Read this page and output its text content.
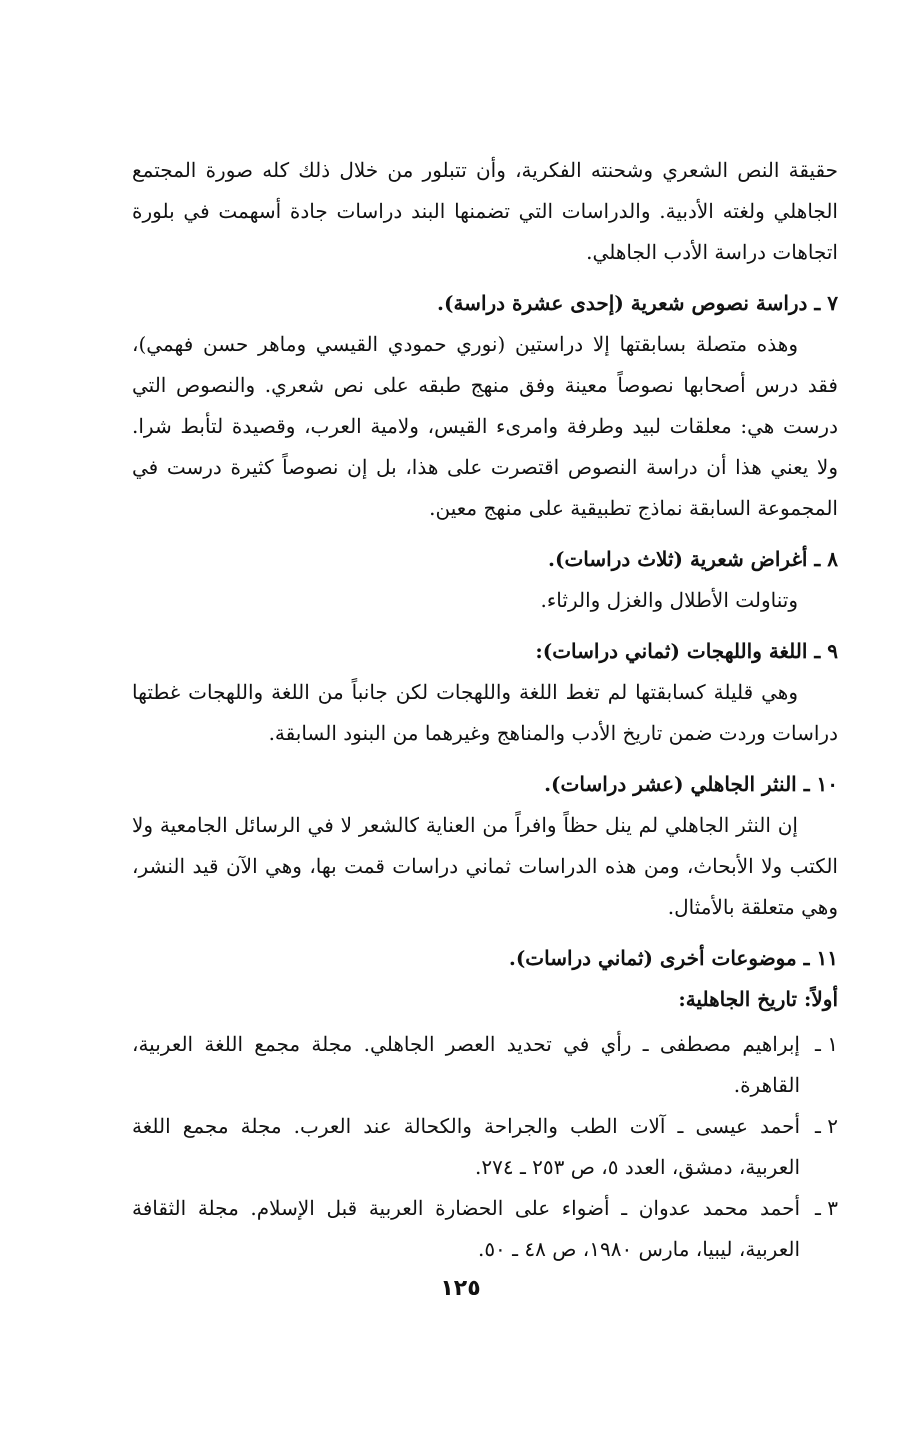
حقيقة النص الشعري وشحنته الفكرية، وأن تتبلور من خلال ذلك كله صورة المجتمع الجاهلي ولغته الأدبية. والدراسات التي تضمنها البند دراسات جادة أسهمت في بلورة اتجاهات دراسة الأدب الجاهلي.

٧ ـ دراسة نصوص شعرية (إحدى عشرة دراسة).

وهذه متصلة بسابقتها إلا دراستين (نوري حمودي القيسي وماهر حسن فهمي)، فقد درس أصحابها نصوصاً معينة وفق منهج طبقه على نص شعري. والنصوص التي درست هي: معلقات لبيد وطرفة وامرىء القيس، ولامية العرب، وقصيدة لتأبط شرا. ولا يعني هذا أن دراسة النصوص اقتصرت على هذا، بل إن نصوصاً كثيرة درست في المجموعة السابقة نماذج تطبيقية على منهج معين.

٨ ـ أغراض شعرية (ثلاث دراسات).

وتناولت الأطلال والغزل والرثاء.

٩ ـ اللغة واللهجات (ثماني دراسات):

وهي قليلة كسابقتها لم تغط اللغة واللهجات لكن جانباً من اللغة واللهجات غطتها دراسات وردت ضمن تاريخ الأدب والمناهج وغيرهما من البنود السابقة.

١٠ ـ النثر الجاهلي (عشر دراسات).

إن النثر الجاهلي لم ينل حظاً وافراً من العناية كالشعر لا في الرسائل الجامعية ولا الكتب ولا الأبحاث، ومن هذه الدراسات ثماني دراسات قمت بها، وهي الآن قيد النشر، وهي متعلقة بالأمثال.

١١ ـ موضوعات أخرى (ثماني دراسات).

أولاً: تاريخ الجاهلية:

١ ـ
إبراهيم مصطفى ـ رأي في تحديد العصر الجاهلي. مجلة مجمع اللغة العربية، القاهرة.
٢ ـ
أحمد عيسى ـ آلات الطب والجراحة والكحالة عند العرب. مجلة مجمع اللغة العربية، دمشق، العدد ٥، ص ٢٥٣ ـ ٢٧٤.
٣ ـ
أحمد محمد عدوان ـ أضواء على الحضارة العربية قبل الإسلام. مجلة الثقافة العربية، ليبيا، مارس ١٩٨٠، ص ٤٨ ـ ٥٠.
١٢٥
